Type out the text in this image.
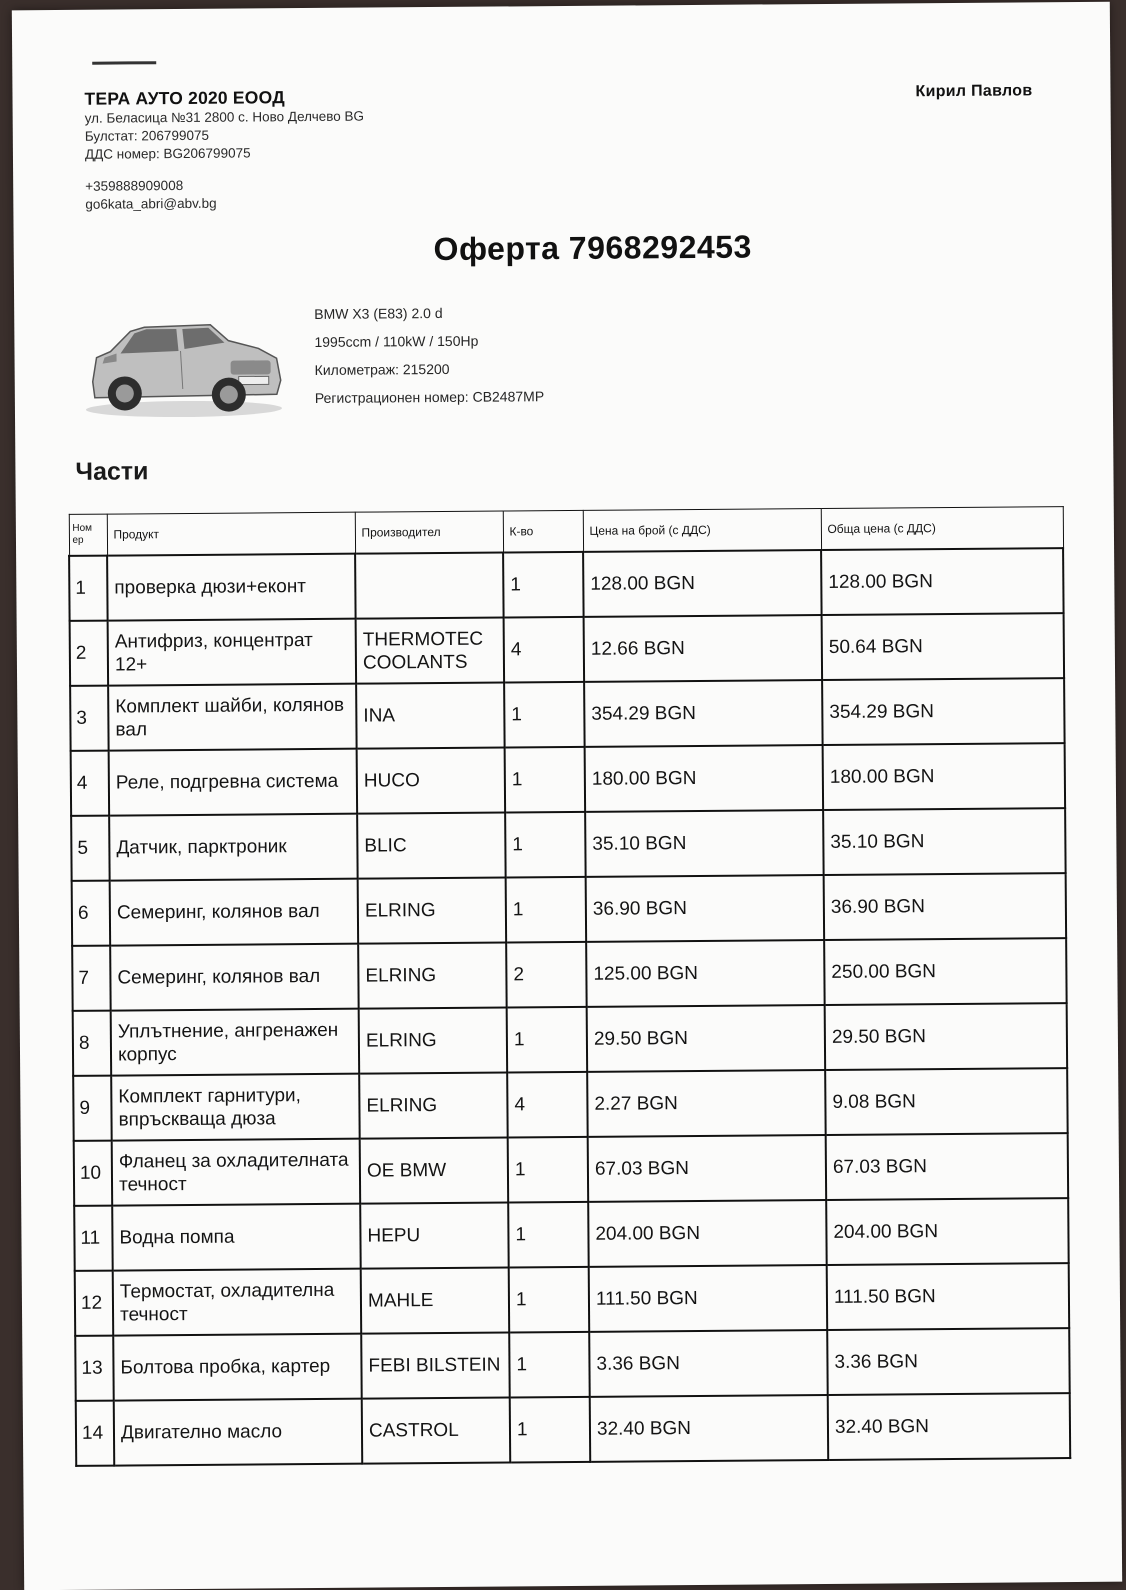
ТЕРА АУТО 2020 ЕООД
ул. Беласица №31 2800 с. Ново Делчево BG
Булстат: 206799075
ДДС номер: BG206799075
+359888909008
go6kata_abri@abv.bg
Кирил Павлов
Оферта 7968292453
BMW X3 (E83) 2.0 d
1995ccm / 110kW / 150Hp
Километраж: 215200
Регистрационен номер: CB2487MP
Части
Ном ер	Продукт	Производител	К-во	Цена на брой (с ДДС)	Обща цена (с ДДС)
1	проверка дюзи+еконт		1	128.00 BGN	128.00 BGN
2	Антифриз, концентрат 12+	THERMOTEC COOLANTS	4	12.66 BGN	50.64 BGN
3	Комплект шайби, колянов вал	INA	1	354.29 BGN	354.29 BGN
4	Реле, подгревна система	HUCO	1	180.00 BGN	180.00 BGN
5	Датчик, парктроник	BLIC	1	35.10 BGN	35.10 BGN
6	Семеринг, колянов вал	ELRING	1	36.90 BGN	36.90 BGN
7	Семеринг, колянов вал	ELRING	2	125.00 BGN	250.00 BGN
8	Уплътнение, ангренажен корпус	ELRING	1	29.50 BGN	29.50 BGN
9	Комплект гарнитури, впръскваща дюза	ELRING	4	2.27 BGN	9.08 BGN
10	Фланец за охладителната течност	OE BMW	1	67.03 BGN	67.03 BGN
11	Водна помпа	HEPU	1	204.00 BGN	204.00 BGN
12	Термостат, охладителна течност	MAHLE	1	111.50 BGN	111.50 BGN
13	Болтова пробка, картер	FEBI BILSTEIN	1	3.36 BGN	3.36 BGN
14	Двигателно масло	CASTROL	1	32.40 BGN	32.40 BGN
